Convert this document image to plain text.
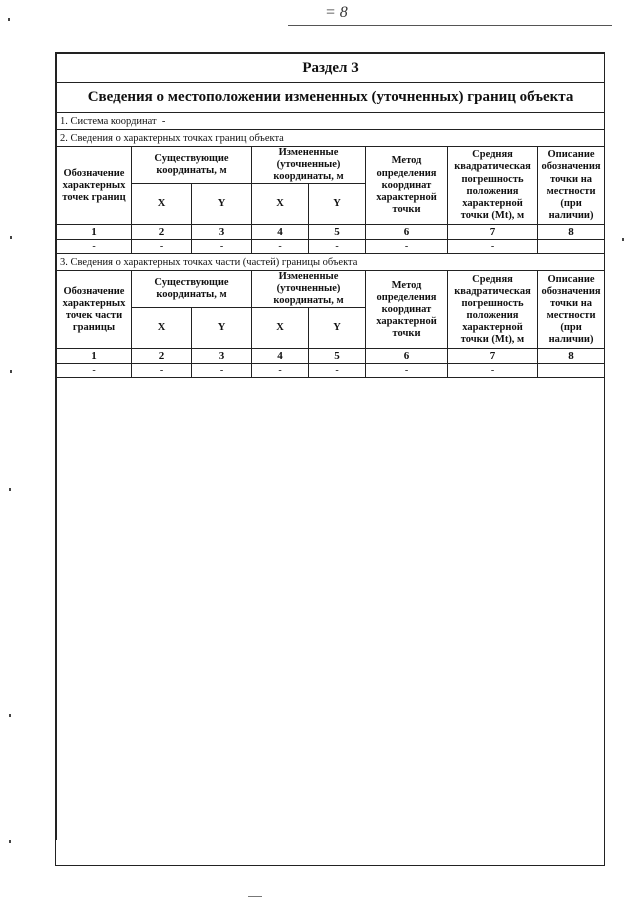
= 8
Раздел 3							
Сведения о местоположении измененных (уточненных) границ объекта							
1. Система координат -							
2. Сведения о характерных точках границ объекта							
Обозначение характерных точек границ	Существующие координаты, м		Измененные (уточненные) координаты, м		Метод определения координат характерной точки	Средняя квадратическая погрешность положения характерной точки (Mt), м	Описание обозначения точки на местности (при наличии)
	X	Y	X	Y			
1	2	3	4	5	6	7	8
-	-	-	-	-	-	-	
3. Сведения о характерных точках части (частей) границы объекта							
Обозначение характерных точек части границы	Существующие координаты, м		Измененные (уточненные) координаты, м		Метод определения координат характерной точки	Средняя квадратическая погрешность положения характерной точки (Mt), м	Описание обозначения точки на местности (при наличии)
	X	Y	X	Y			
1	2	3	4	5	6	7	8
-	-	-	-	-	-	-	
